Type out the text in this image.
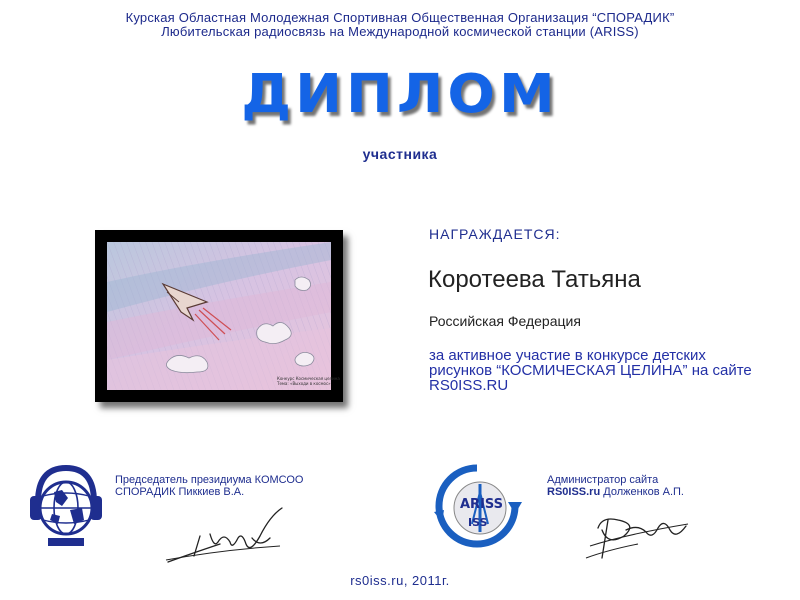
Курская Областная Молодежная Спортивная Общественная Организация “СПОРАДИК”
Любительская радиосвязь на Международной космической станции (ARISS)
ДИПЛОМ
участника
Конкурс Космическая целина
Тема: «Выходи в космос»
НАГРАЖДАЕТСЯ:
Коротеева Татьяна
Российская Федерация
за активное участие в конкурсе детских рисунков “КОСМИЧЕСКАЯ ЦЕЛИНА” на сайте RS0ISS.RU
Председатель президиума КОМСОО
СПОРАДИК Пиккиев В.А.
ARISS
ISS
Администратор сайта
RS0ISS.ru Долженков А.П.
rs0iss.ru, 2011г.
